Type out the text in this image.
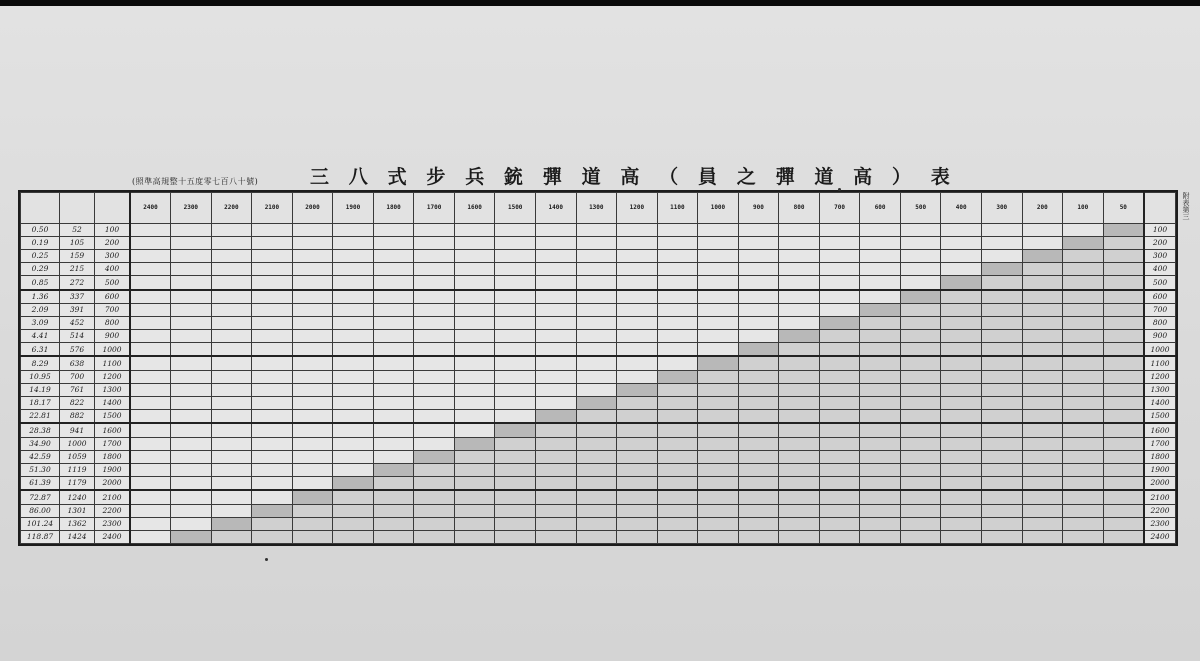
三 八 式 步 兵 銃 彈 道 高 （ 員 之 彈 道 高 ） 表
(照準高規整十五度零七百八十號)
附表第三
			2400	2300	2200	2100	2000	1900	1800	1700	1600	1500	1400	1300	1200	1100	1000	900	800	700	600	500	400	300	200	100	50	
0.50	52	100																										100
0.19	105	200																										200
0.25	159	300																										300
0.29	215	400																										400
0.85	272	500																										500
1.36	337	600																										600
2.09	391	700																										700
3.09	452	800																										800
4.41	514	900																										900
6.31	576	1000																										1000
8.29	638	1100																										1100
10.95	700	1200																										1200
14.19	761	1300																										1300
18.17	822	1400																										1400
22.81	882	1500																										1500
28.38	941	1600																										1600
34.90	1000	1700																										1700
42.59	1059	1800																										1800
51.30	1119	1900																										1900
61.39	1179	2000																										2000
72.87	1240	2100																										2100
86.00	1301	2200																										2200
101.24	1362	2300																										2300
118.87	1424	2400																										2400
